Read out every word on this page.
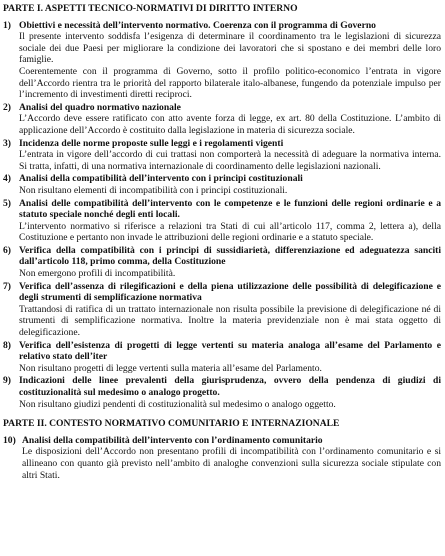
PARTE I. ASPETTI TECNICO-NORMATIVI DI DIRITTO INTERNO
1) Obiettivi e necessità dell’intervento normativo. Coerenza con il programma di Governo
Il presente intervento soddisfa l’esigenza di determinare il coordinamento tra le legislazioni di sicurezza sociale dei due Paesi per migliorare la condizione dei lavoratori che si spostano e dei membri delle loro famiglie.
Coerentemente con il programma di Governo, sotto il profilo politico-economico l’entrata in vigore dell’Accordo rientra tra le priorità del rapporto bilaterale italo-albanese, fungendo da potenziale impulso per l’incremento di investimenti diretti reciproci.
2) Analisi del quadro normativo nazionale
L’Accordo deve essere ratificato con atto avente forza di legge, ex art. 80 della Costituzione. L’ambito di applicazione dell’Accordo è costituito dalla legislazione in materia di sicurezza sociale.
3) Incidenza delle norme proposte sulle leggi e i regolamenti vigenti
L’entrata in vigore dell’accordo di cui trattasi non comporterà la necessità di adeguare la normativa interna. Si tratta, infatti, di una normativa internazionale di coordinamento delle legislazioni nazionali.
4) Analisi della compatibilità dell’intervento con i principi costituzionali
Non risultano elementi di incompatibilità con i principi costituzionali.
5) Analisi delle compatibilità dell’intervento con le competenze e le funzioni delle regioni ordinarie e a statuto speciale nonché degli enti locali.
L’intervento normativo si riferisce a relazioni tra Stati di cui all’articolo 117, comma 2, lettera a), della Costituzione e pertanto non invade le attribuzioni delle regioni ordinarie e a statuto speciale.
6) Verifica della compatibilità con i principi di sussidiarietà, differenziazione ed adeguatezza sanciti dall’articolo 118, primo comma, della Costituzione
Non emergono profili di incompatibilità.
7) Verifica dell’assenza di rilegificazioni e della piena utilizzazione delle possibilità di delegificazione e degli strumenti di semplificazione normativa
Trattandosi di ratifica di un trattato internazionale non risulta possibile la previsione di delegificazione né di strumenti di semplificazione normativa. Inoltre la materia previdenziale non è mai stata oggetto di delegificazione.
8) Verifica dell’esistenza di progetti di legge vertenti su materia analoga all’esame del Parlamento e relativo stato dell’iter
Non risultano progetti di legge vertenti sulla materia all’esame del Parlamento.
9) Indicazioni delle linee prevalenti della giurisprudenza, ovvero della pendenza di giudizi di costituzionalità sul medesimo o analogo progetto.
Non risultano giudizi pendenti di costituzionalità sul medesimo o analogo oggetto.
PARTE II. CONTESTO NORMATIVO COMUNITARIO E INTERNAZIONALE
10) Analisi della compatibilità dell’intervento con l’ordinamento comunitario
Le disposizioni dell’Accordo non presentano profili di incompatibilità con l’ordinamento comunitario e si allineano con quanto già previsto nell’ambito di analoghe convenzioni sulla sicurezza sociale stipulate con altri Stati.
